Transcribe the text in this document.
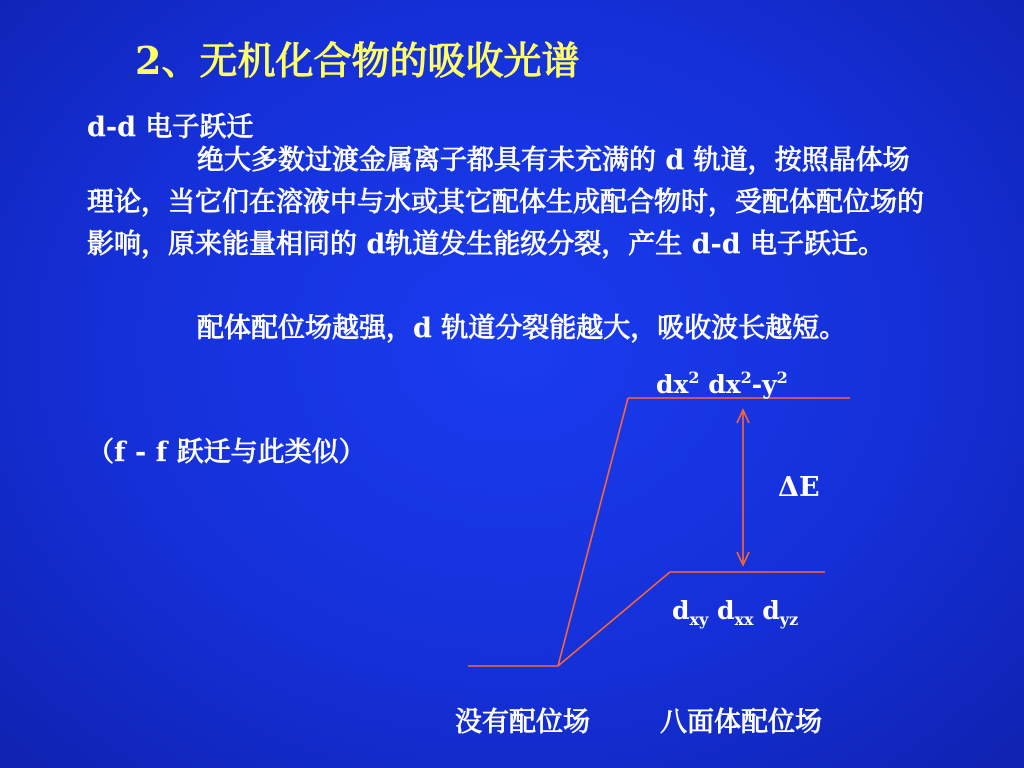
2、无机化合物的吸收光谱
d-d 电子跃迁
绝大多数过渡金属离子都具有未充满的 d 轨道，按照晶体场理论，当它们在溶液中与水或其它配体生成配合物时，受配体配位场的影响，原来能量相同的 d轨道发生能级分裂，产生 d-d 电子跃迁。
配体配位场越强，d 轨道分裂能越大，吸收波长越短。
（f - f 跃迁与此类似）
$dx^2$ $dx^2-y^2$
ΔE
$d_{xy}$ $d_{xx}$ $d_{yz}$
没有配位场	八面体配位场
